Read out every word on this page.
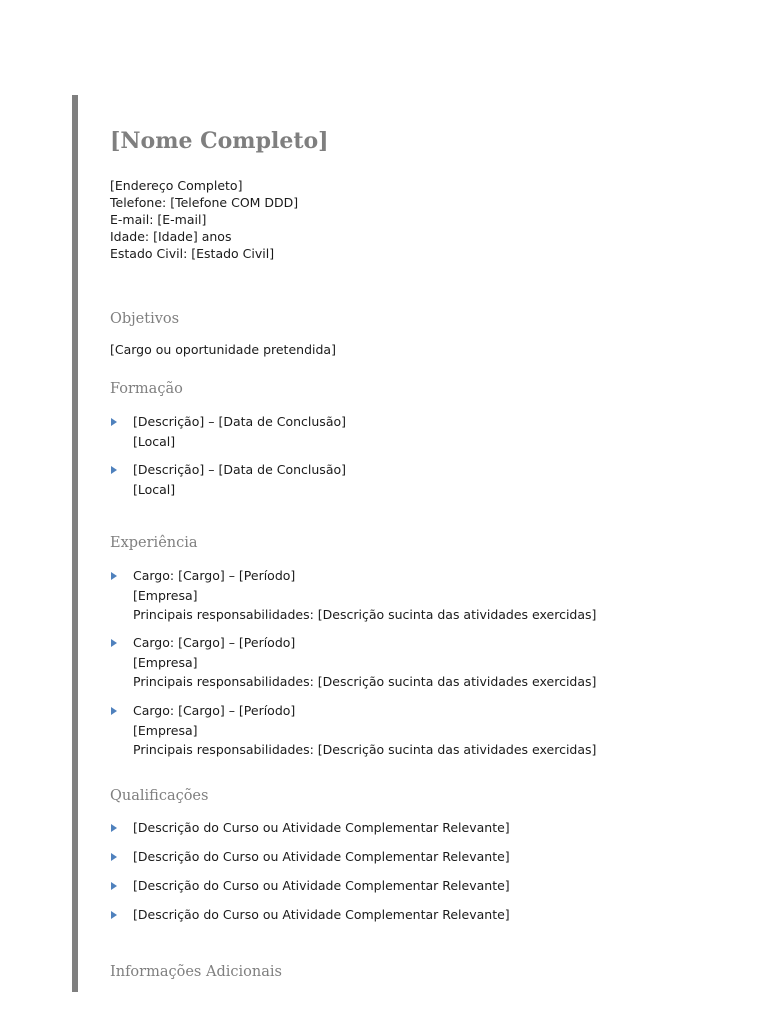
[Nome Completo]
[Endereço Completo]
Telefone: [Telefone COM DDD]
E-mail: [E-mail]
Idade: [Idade] anos
Estado Civil: [Estado Civil]
Objetivos
[Cargo ou oportunidade pretendida]
Formação
[Descrição] – [Data de Conclusão]
[Local]
[Descrição] – [Data de Conclusão]
[Local]
Experiência
Cargo: [Cargo] – [Período]
[Empresa]
Principais responsabilidades: [Descrição sucinta das atividades exercidas]
Cargo: [Cargo] – [Período]
[Empresa]
Principais responsabilidades: [Descrição sucinta das atividades exercidas]
Cargo: [Cargo] – [Período]
[Empresa]
Principais responsabilidades: [Descrição sucinta das atividades exercidas]
Qualificações
[Descrição do Curso ou Atividade Complementar Relevante]
[Descrição do Curso ou Atividade Complementar Relevante]
[Descrição do Curso ou Atividade Complementar Relevante]
[Descrição do Curso ou Atividade Complementar Relevante]
Informações Adicionais
